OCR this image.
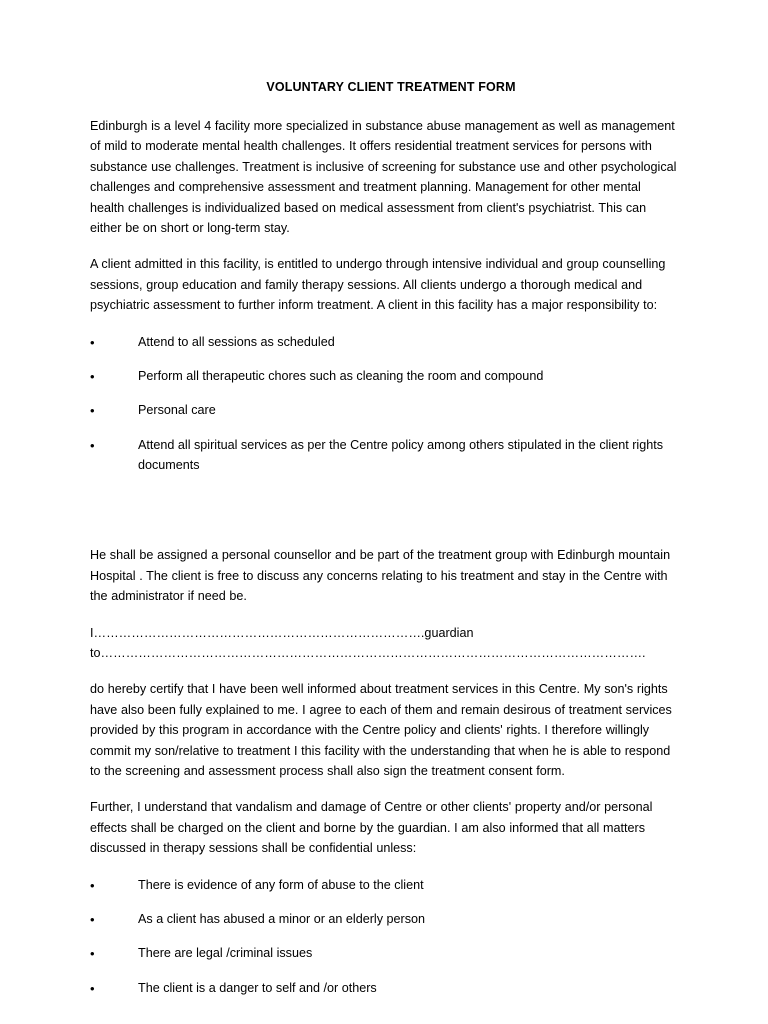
VOLUNTARY CLIENT TREATMENT FORM

Edinburgh is a level 4 facility more specialized in substance abuse management as well as management of mild to moderate mental health challenges. It offers residential treatment services for persons with substance use challenges. Treatment is inclusive of screening for substance use and other psychological challenges and comprehensive assessment and treatment planning. Management for other mental health challenges is individualized based on medical assessment from client's psychiatrist. This can either be on short or long-term stay.

A client admitted in this facility, is entitled to undergo through intensive individual and group counselling sessions, group education and family therapy sessions. All clients undergo a thorough medical and psychiatric assessment to further inform treatment. A client in this facility has a major responsibility to:

•	Attend to all sessions as scheduled
•	Perform all therapeutic chores such as cleaning the room and compound
•	Personal care
•	Attend all spiritual services as per the Centre policy among others stipulated in the client rights documents

He shall be assigned a personal counsellor and be part of the treatment group with Edinburgh mountain Hospital . The client is free to discuss any concerns relating to his treatment and stay in the Centre with the administrator if need be.

I…………………………………………………………………….guardian
to………………………………………………………………………………………………………………….

do hereby certify that I have been well informed about treatment services in this Centre. My son's rights have also been fully explained to me. I agree to each of them and remain desirous of treatment services provided by this program in accordance with the Centre policy and clients' rights. I therefore willingly commit my son/relative to treatment I this facility with the understanding that when he is able to respond to the screening and assessment process shall also sign the treatment consent form.

Further, I understand that vandalism and damage of Centre or other clients' property and/or personal effects shall be charged on the client and borne by the guardian. I am also informed that all matters discussed in therapy sessions shall be confidential unless:

•	There is evidence of any form of abuse to the client
•	As a client has abused a minor or an elderly person
•	There are legal /criminal issues
•	The client is a danger to self and /or others
